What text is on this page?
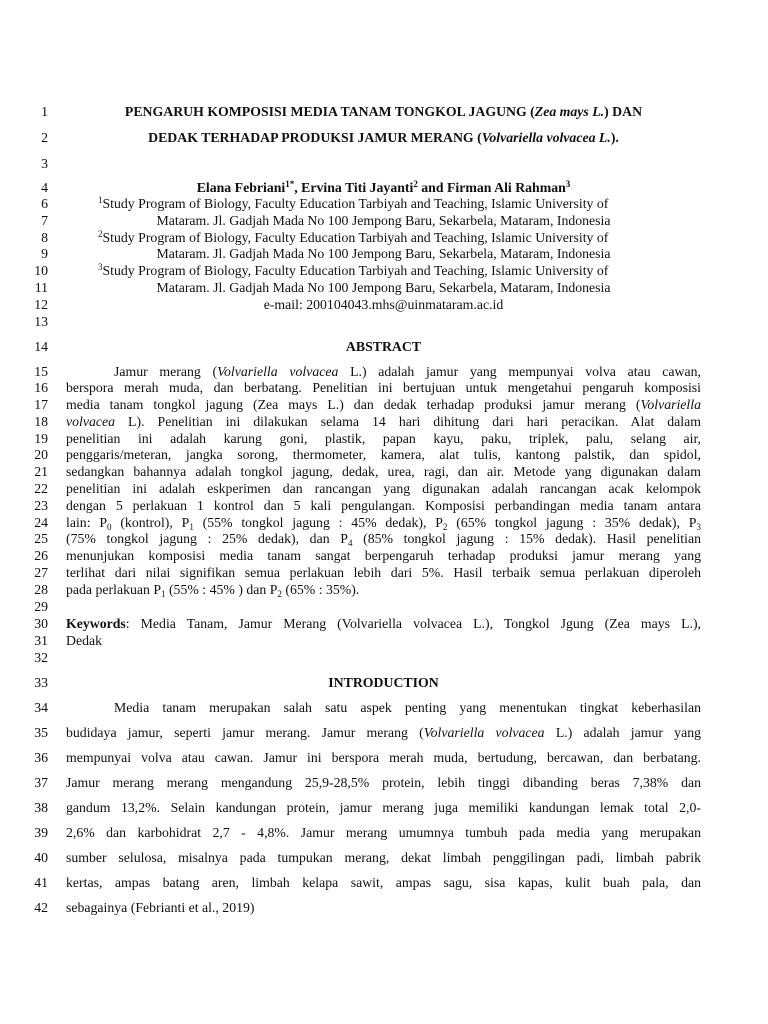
1	PENGARUH KOMPOSISI MEDIA TANAM TONGKOL JAGUNG (Zea mays L.) DAN
2	DEDAK TERHADAP PRODUKSI JAMUR MERANG (Volvariella volvacea L.).
3
4	Elana Febriani$^{1*}$, Ervina Titi Jayanti$^2$ and Firman Ali Rahman$^3$
6	$^1$Study Program of Biology, Faculty Education Tarbiyah and Teaching, Islamic University of
7	Mataram. Jl. Gadjah Mada No 100 Jempong Baru, Sekarbela, Mataram, Indonesia
8	$^2$Study Program of Biology, Faculty Education Tarbiyah and Teaching, Islamic University of
9	Mataram. Jl. Gadjah Mada No 100 Jempong Baru, Sekarbela, Mataram, Indonesia
10	$^3$Study Program of Biology, Faculty Education Tarbiyah and Teaching, Islamic University of
11	Mataram. Jl. Gadjah Mada No 100 Jempong Baru, Sekarbela, Mataram, Indonesia
12	e-mail: 200104043.mhs@uinmataram.ac.id
13
14	ABSTRACT
15	Jamur merang (Volvariella volvacea L.) adalah jamur yang mempunyai volva atau cawan,
16 berspora merah muda, dan berbatang. Penelitian ini bertujuan untuk mengetahui pengaruh komposisi
17 media tanam tongkol jagung (Zea mays L.) dan dedak terhadap produksi jamur merang (Volvariella
18 volvacea L). Penelitian ini dilakukan selama 14 hari dihitung dari hari peracikan. Alat dalam
19 penelitian ini adalah karung goni, plastik, papan kayu, paku, triplek, palu, selang air,
20 penggaris/meteran, jangka sorong, thermometer, kamera, alat tulis, kantong palstik, dan spidol,
21 sedangkan bahannya adalah tongkol jagung, dedak, urea, ragi, dan air. Metode yang digunakan dalam
22 penelitian ini adalah eskperimen dan rancangan yang digunakan adalah rancangan acak kelompok
23 dengan 5 perlakuan 1 kontrol dan 5 kali pengulangan. Komposisi perbandingan media tanam antara
24 lain: $P_0$ (kontrol), $P_1$ (55% tongkol jagung : 45% dedak), $P_2$ (65% tongkol jagung : 35% dedak), $P_3$
25 (75% tongkol jagung : 25% dedak), dan $P_4$ (85% tongkol jagung : 15% dedak). Hasil penelitian
26 menunjukan komposisi media tanam sangat berpengaruh terhadap produksi jamur merang yang
27 terlihat dari nilai signifikan semua perlakuan lebih dari 5%. Hasil terbaik semua perlakuan diperoleh
28 pada perlakuan $P_1$ (55% : 45% ) dan $P_2$ (65% : 35%).
29
30 Keywords: Media Tanam, Jamur Merang (Volvariella volvacea L.), Tongkol Jgung (Zea mays L.),
31 Dedak
32
33	INTRODUCTION
34	Media tanam merupakan salah satu aspek penting yang menentukan tingkat keberhasilan
35 budidaya jamur, seperti jamur merang. Jamur merang (Volvariella volvacea L.) adalah jamur yang
36 mempunyai volva atau cawan. Jamur ini berspora merah muda, bertudung, bercawan, dan berbatang.
37 Jamur merang merang mengandung 25,9-28,5% protein, lebih tinggi dibanding beras 7,38% dan
38 gandum 13,2%. Selain kandungan protein, jamur merang juga memiliki kandungan lemak total 2,0-
39 2,6% dan karbohidrat 2,7 - 4,8%. Jamur merang umumnya tumbuh pada media yang merupakan
40 sumber selulosa, misalnya pada tumpukan merang, dekat limbah penggilingan padi, limbah pabrik
41 kertas, ampas batang aren, limbah kelapa sawit, ampas sagu, sisa kapas, kulit buah pala, dan
42 sebagainya (Febrianti et al., 2019)
